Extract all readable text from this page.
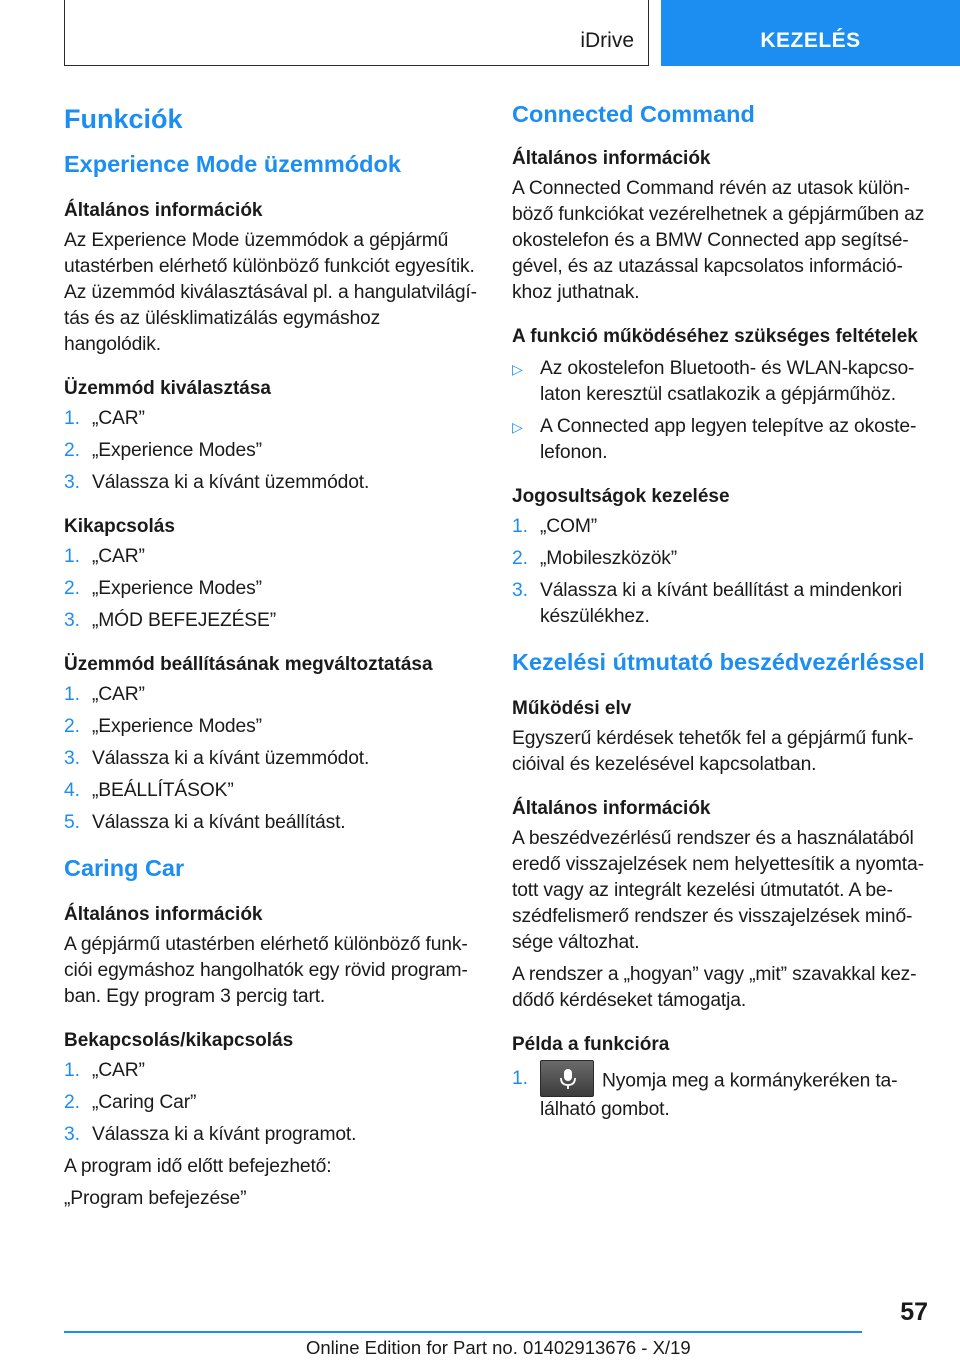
iDrive	KEZELÉS
Funkciók
Experience Mode üzemmódok
Általános információk

Az Experience Mode üzemmódok a gépjármű utastérben elérhető különböző funkciót egyesítik. Az üzemmód kiválasztásával pl. a hangulatvilágítás és az ülésklimatizálás egymáshoz hangolódik.

Üzemmód kiválasztása
1. „CAR”
2. „Experience Modes”
3. Válassza ki a kívánt üzemmódot.
Kikapcsolás
1. „CAR”
2. „Experience Modes”
3. „MÓD BEFEJEZÉSE”
Üzemmód beállításának megváltoztatása
1. „CAR”
2. „Experience Modes”
3. Válassza ki a kívánt üzemmódot.
4. „BEÁLLÍTÁSOK”
5. Válassza ki a kívánt beállítást.
Caring Car
Általános információk

A gépjármű utastérben elérhető különböző funkciói egymáshoz hangolhatók egy rövid programban. Egy program 3 percig tart.

Bekapcsolás/kikapcsolás
1. „CAR”
2. „Caring Car”
3. Válassza ki a kívánt programot.

A program idő előtt befejezhető:

„Program befejezése”

Connected Command
Általános információk

A Connected Command révén az utasok különböző funkciókat vezérelhetnek a gépjárműben az okostelefon és a BMW Connected app segítségével, és az utazással kapcsolatos információkhoz juthatnak.

A funkció működéséhez szükséges feltételek
▷ Az okostelefon Bluetooth- és WLAN-kapcsolaton keresztül csatlakozik a gépjárműhöz.
▷ A Connected app legyen telepítve az okostelefonon.
Jogosultságok kezelése
1. „COM”
2. „Mobileszközök”
3. Válassza ki a kívánt beállítást a mindenkori készülékhez.
Kezelési útmutató beszédvezérléssel
Működési elv

Egyszerű kérdések tehetők fel a gépjármű funkcióival és kezelésével kapcsolatban.

Általános információk

A beszédvezérlésű rendszer és a használatából eredő visszajelzések nem helyettesítik a nyomtatott vagy az integrált kezelési útmutatót. A beszédfelismerő rendszer és visszajelzések minősége változhat.

A rendszer a „hogyan” vagy „mit” szavakkal kezdődő kérdéseket támogatja.

Példa a funkcióra
1.	Nyomja meg a kormánykeréken található gombot.
57
Online Edition for Part no. 01402913676 - X/19
